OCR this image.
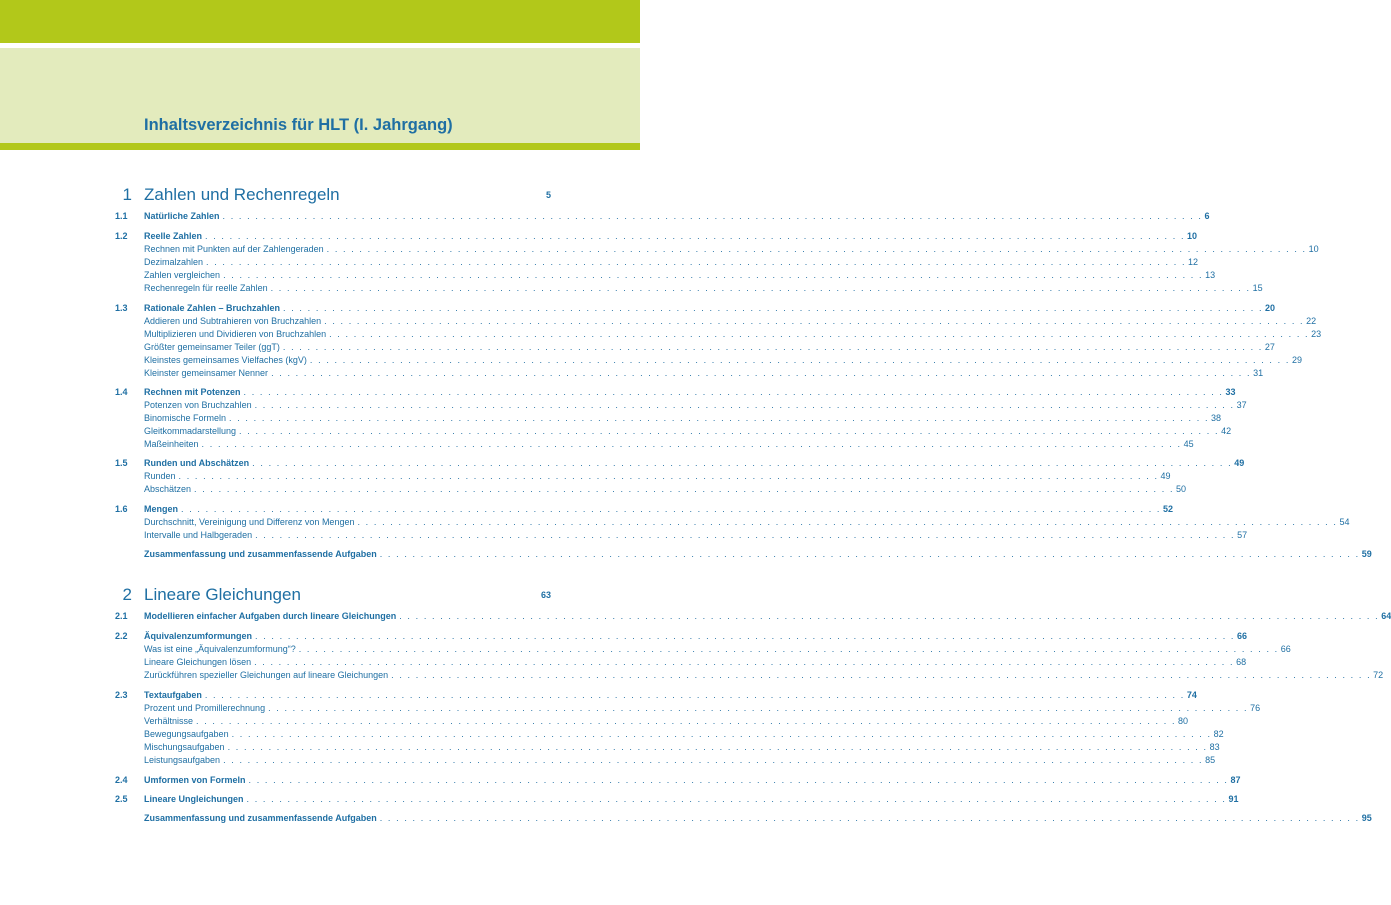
Inhaltsverzeichnis für HLT (I. Jahrgang)
1 Zahlen und Rechenregeln	5
2 Lineare Gleichungen	63
1.1 Natürliche Zahlen . . . . . . . . . . . . . . . . . . . . . . . . . . . . . . . . . . . . . . . . . . . . . . . . . . . . . . . . . . . . . . . . . . . . . . . . . . . . . . . . . . . . . . . . . . . . . . . . . . . . . . . . . . . . . . . . . . . . . . . . 6
1.2 Reelle Zahlen . . . . . . . . . . . . . . . . . . . . . . . . . . . . . . . . . . . . . . . . . . . . . . . . . . . . . . . . . . . . . . . . . . . . . . . . . . . . . . . . . . . . . . . . . . . . . . . . . . . . . . . . . . . . . . . . . . . . . . . . 10
Rechnen mit Punkten auf der Zahlengeraden . . . . . . . . . . . . . . . . . . . . . . . . . . . . . . . . . . . . . . . . . . . . . . . . . . . . . . . . . . . . . . . . . . . . . . . . . . . . . . . . . . . . . . . . . . . . . . . . . . . . . . . . . . . . . . . . . . . . . . . . 10
Dezimalzahlen . . . . . . . . . . . . . . . . . . . . . . . . . . . . . . . . . . . . . . . . . . . . . . . . . . . . . . . . . . . . . . . . . . . . . . . . . . . . . . . . . . . . . . . . . . . . . . . . . . . . . . . . . . . . . . . . . . . . . . . . 12
Zahlen vergleichen . . . . . . . . . . . . . . . . . . . . . . . . . . . . . . . . . . . . . . . . . . . . . . . . . . . . . . . . . . . . . . . . . . . . . . . . . . . . . . . . . . . . . . . . . . . . . . . . . . . . . . . . . . . . . . . . . . . . . . . . 13
Rechenregeln für reelle Zahlen . . . . . . . . . . . . . . . . . . . . . . . . . . . . . . . . . . . . . . . . . . . . . . . . . . . . . . . . . . . . . . . . . . . . . . . . . . . . . . . . . . . . . . . . . . . . . . . . . . . . . . . . . . . . . . . . . . . . . . . . 15
1.3 Rationale Zahlen – Bruchzahlen . . . . . . . . . . . . . . . . . . . . . . . . . . . . . . . . . . . . . . . . . . . . . . . . . . . . . . . . . . . . . . . . . . . . . . . . . . . . . . . . . . . . . . . . . . . . . . . . . . . . . . . . . . . . . . . . . . . . . . . . 20
Addieren und Subtrahieren von Bruchzahlen . . . . . . . . . . . . . . . . . . . . . . . . . . . . . . . . . . . . . . . . . . . . . . . . . . . . . . . . . . . . . . . . . . . . . . . . . . . . . . . . . . . . . . . . . . . . . . . . . . . . . . . . . . . . . . . . . . . . . . . . 22
Multiplizieren und Dividieren von Bruchzahlen . . . . . . . . . . . . . . . . . . . . . . . . . . . . . . . . . . . . . . . . . . . . . . . . . . . . . . . . . . . . . . . . . . . . . . . . . . . . . . . . . . . . . . . . . . . . . . . . . . . . . . . . . . . . . . . . . . . . . . . . 23
Größter gemeinsamer Teiler (ggT) . . . . . . . . . . . . . . . . . . . . . . . . . . . . . . . . . . . . . . . . . . . . . . . . . . . . . . . . . . . . . . . . . . . . . . . . . . . . . . . . . . . . . . . . . . . . . . . . . . . . . . . . . . . . . . . . . . . . . . . . 27
Kleinstes gemeinsames Vielfaches (kgV) . . . . . . . . . . . . . . . . . . . . . . . . . . . . . . . . . . . . . . . . . . . . . . . . . . . . . . . . . . . . . . . . . . . . . . . . . . . . . . . . . . . . . . . . . . . . . . . . . . . . . . . . . . . . . . . . . . . . . . . . 29
Kleinster gemeinsamer Nenner . . . . . . . . . . . . . . . . . . . . . . . . . . . . . . . . . . . . . . . . . . . . . . . . . . . . . . . . . . . . . . . . . . . . . . . . . . . . . . . . . . . . . . . . . . . . . . . . . . . . . . . . . . . . . . . . . . . . . . . . 31
1.4 Rechnen mit Potenzen . . . . . . . . . . . . . . . . . . . . . . . . . . . . . . . . . . . . . . . . . . . . . . . . . . . . . . . . . . . . . . . . . . . . . . . . . . . . . . . . . . . . . . . . . . . . . . . . . . . . . . . . . . . . . . . . . . . . . . . . 33
Potenzen von Bruchzahlen . . . . . . . . . . . . . . . . . . . . . . . . . . . . . . . . . . . . . . . . . . . . . . . . . . . . . . . . . . . . . . . . . . . . . . . . . . . . . . . . . . . . . . . . . . . . . . . . . . . . . . . . . . . . . . . . . . . . . . . . 37
Binomische Formeln . . . . . . . . . . . . . . . . . . . . . . . . . . . . . . . . . . . . . . . . . . . . . . . . . . . . . . . . . . . . . . . . . . . . . . . . . . . . . . . . . . . . . . . . . . . . . . . . . . . . . . . . . . . . . . . . . . . . . . . . 38
Gleitkommadarstellung . . . . . . . . . . . . . . . . . . . . . . . . . . . . . . . . . . . . . . . . . . . . . . . . . . . . . . . . . . . . . . . . . . . . . . . . . . . . . . . . . . . . . . . . . . . . . . . . . . . . . . . . . . . . . . . . . . . . . . . . 42
Maßeinheiten . . . . . . . . . . . . . . . . . . . . . . . . . . . . . . . . . . . . . . . . . . . . . . . . . . . . . . . . . . . . . . . . . . . . . . . . . . . . . . . . . . . . . . . . . . . . . . . . . . . . . . . . . . . . . . . . . . . . . . . . 45
1.5 Runden und Abschätzen . . . . . . . . . . . . . . . . . . . . . . . . . . . . . . . . . . . . . . . . . . . . . . . . . . . . . . . . . . . . . . . . . . . . . . . . . . . . . . . . . . . . . . . . . . . . . . . . . . . . . . . . . . . . . . . . . . . . . . . . 49
Runden . . . . . . . . . . . . . . . . . . . . . . . . . . . . . . . . . . . . . . . . . . . . . . . . . . . . . . . . . . . . . . . . . . . . . . . . . . . . . . . . . . . . . . . . . . . . . . . . . . . . . . . . . . . . . . . . . . . . . . . . 49
Abschätzen . . . . . . . . . . . . . . . . . . . . . . . . . . . . . . . . . . . . . . . . . . . . . . . . . . . . . . . . . . . . . . . . . . . . . . . . . . . . . . . . . . . . . . . . . . . . . . . . . . . . . . . . . . . . . . . . . . . . . . . . 50
1.6 Mengen . . . . . . . . . . . . . . . . . . . . . . . . . . . . . . . . . . . . . . . . . . . . . . . . . . . . . . . . . . . . . . . . . . . . . . . . . . . . . . . . . . . . . . . . . . . . . . . . . . . . . . . . . . . . . . . . . . . . . . . . 52
Durchschnitt, Vereinigung und Differenz von Mengen . . . . . . . . . . . . . . . . . . . . . . . . . . . . . . . . . . . . . . . . . . . . . . . . . . . . . . . . . . . . . . . . . . . . . . . . . . . . . . . . . . . . . . . . . . . . . . . . . . . . . . . . . . . . . . . . . . . . . . . . 54
Intervalle und Halbgeraden . . . . . . . . . . . . . . . . . . . . . . . . . . . . . . . . . . . . . . . . . . . . . . . . . . . . . . . . . . . . . . . . . . . . . . . . . . . . . . . . . . . . . . . . . . . . . . . . . . . . . . . . . . . . . . . . . . . . . . . . 57
Zusammenfassung und zusammenfassende Aufgaben . . . . . . . . . . . . . . . . . . . . . . . . . . . . . . . . . . . . . . . . . . . . . . . . . . . . . . . . . . . . . . . . . . . . . . . . . . . . . . . . . . . . . . . . . . . . . . . . . . . . . . . . . . . . . . . . . . . . . . . . 59
2.1 Modellieren einfacher Aufgaben durch lineare Gleichungen . . . . . . . . . . . . . . . . . . . . . . . . . . . . . . . . . . . . . . . . . . . . . . . . . . . . . . . . . . . . . . . . . . . . . . . . . . . . . . . . . . . . . . . . . . . . . . . . . . . . . . . . . . . . . . . . . . . . . . . . 64
2.2 Äquivalenzumformungen . . . . . . . . . . . . . . . . . . . . . . . . . . . . . . . . . . . . . . . . . . . . . . . . . . . . . . . . . . . . . . . . . . . . . . . . . . . . . . . . . . . . . . . . . . . . . . . . . . . . . . . . . . . . . . . . . . . . . . . . 66
Was ist eine „Äquivalenzumformung“? . . . . . . . . . . . . . . . . . . . . . . . . . . . . . . . . . . . . . . . . . . . . . . . . . . . . . . . . . . . . . . . . . . . . . . . . . . . . . . . . . . . . . . . . . . . . . . . . . . . . . . . . . . . . . . . . . . . . . . . . 66
Lineare Gleichungen lösen . . . . . . . . . . . . . . . . . . . . . . . . . . . . . . . . . . . . . . . . . . . . . . . . . . . . . . . . . . . . . . . . . . . . . . . . . . . . . . . . . . . . . . . . . . . . . . . . . . . . . . . . . . . . . . . . . . . . . . . . 68
Zurückführen spezieller Gleichungen auf lineare Gleichungen . . . . . . . . . . . . . . . . . . . . . . . . . . . . . . . . . . . . . . . . . . . . . . . . . . . . . . . . . . . . . . . . . . . . . . . . . . . . . . . . . . . . . . . . . . . . . . . . . . . . . . . . . . . . . . . . . . . . . . . . 72
2.3 Textaufgaben . . . . . . . . . . . . . . . . . . . . . . . . . . . . . . . . . . . . . . . . . . . . . . . . . . . . . . . . . . . . . . . . . . . . . . . . . . . . . . . . . . . . . . . . . . . . . . . . . . . . . . . . . . . . . . . . . . . . . . . . 74
Prozent und Promillerechnung . . . . . . . . . . . . . . . . . . . . . . . . . . . . . . . . . . . . . . . . . . . . . . . . . . . . . . . . . . . . . . . . . . . . . . . . . . . . . . . . . . . . . . . . . . . . . . . . . . . . . . . . . . . . . . . . . . . . . . . . 76
Verhältnisse . . . . . . . . . . . . . . . . . . . . . . . . . . . . . . . . . . . . . . . . . . . . . . . . . . . . . . . . . . . . . . . . . . . . . . . . . . . . . . . . . . . . . . . . . . . . . . . . . . . . . . . . . . . . . . . . . . . . . . . . 80
Bewegungsaufgaben . . . . . . . . . . . . . . . . . . . . . . . . . . . . . . . . . . . . . . . . . . . . . . . . . . . . . . . . . . . . . . . . . . . . . . . . . . . . . . . . . . . . . . . . . . . . . . . . . . . . . . . . . . . . . . . . . . . . . . . . 82
Mischungsaufgaben . . . . . . . . . . . . . . . . . . . . . . . . . . . . . . . . . . . . . . . . . . . . . . . . . . . . . . . . . . . . . . . . . . . . . . . . . . . . . . . . . . . . . . . . . . . . . . . . . . . . . . . . . . . . . . . . . . . . . . . . 83
Leistungsaufgaben . . . . . . . . . . . . . . . . . . . . . . . . . . . . . . . . . . . . . . . . . . . . . . . . . . . . . . . . . . . . . . . . . . . . . . . . . . . . . . . . . . . . . . . . . . . . . . . . . . . . . . . . . . . . . . . . . . . . . . . . 85
2.4 Umformen von Formeln . . . . . . . . . . . . . . . . . . . . . . . . . . . . . . . . . . . . . . . . . . . . . . . . . . . . . . . . . . . . . . . . . . . . . . . . . . . . . . . . . . . . . . . . . . . . . . . . . . . . . . . . . . . . . . . . . . . . . . . . 87
2.5 Lineare Ungleichungen . . . . . . . . . . . . . . . . . . . . . . . . . . . . . . . . . . . . . . . . . . . . . . . . . . . . . . . . . . . . . . . . . . . . . . . . . . . . . . . . . . . . . . . . . . . . . . . . . . . . . . . . . . . . . . . . . . . . . . . . 91
Zusammenfassung und zusammenfassende Aufgaben . . . . . . . . . . . . . . . . . . . . . . . . . . . . . . . . . . . . . . . . . . . . . . . . . . . . . . . . . . . . . . . . . . . . . . . . . . . . . . . . . . . . . . . . . . . . . . . . . . . . . . . . . . . . . . . . . . . . . . . . 95
